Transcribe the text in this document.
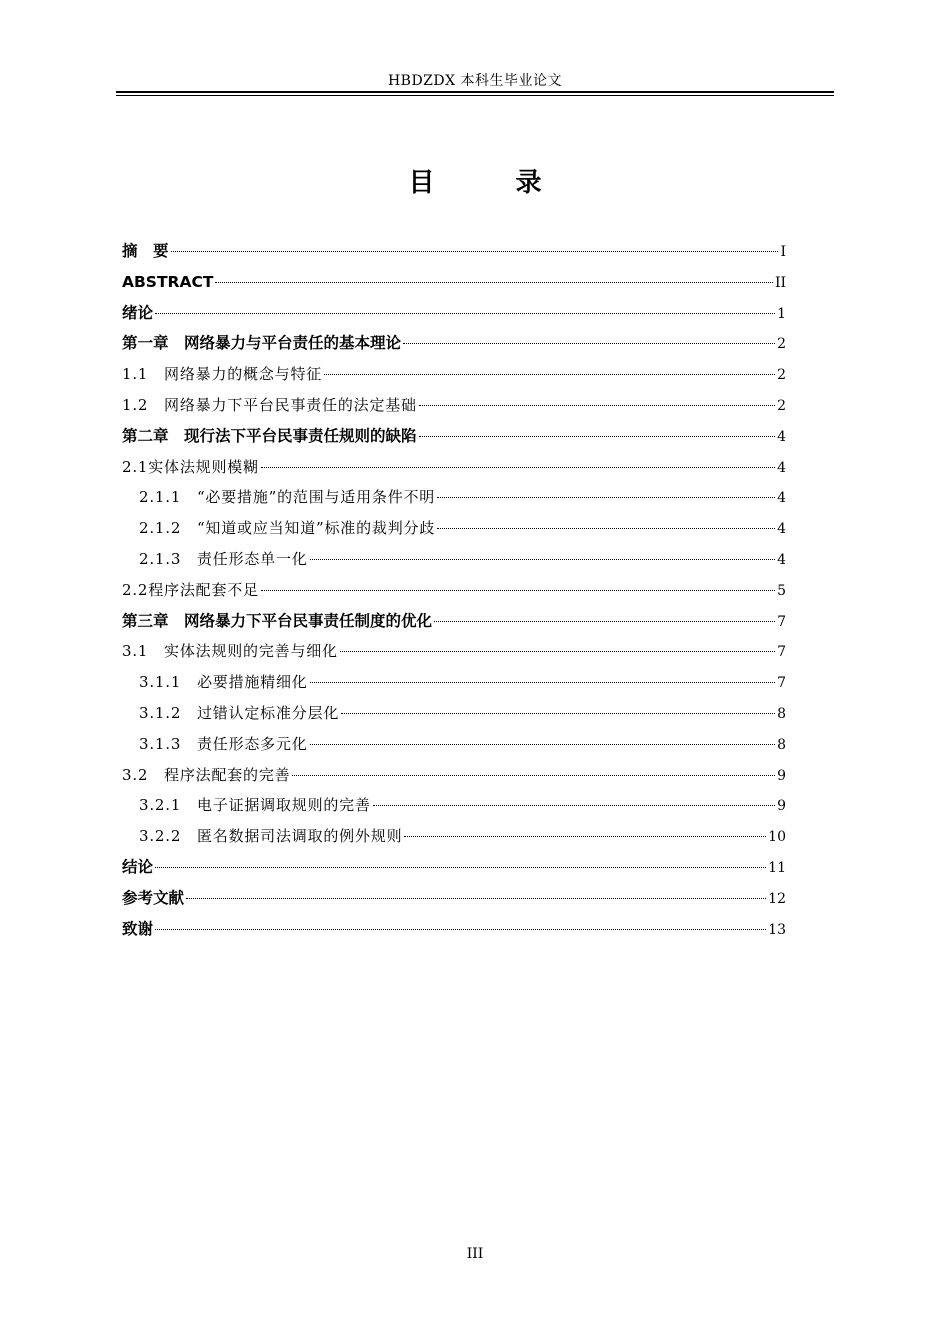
HBDZDX 本科生毕业论文
目 录
摘　要	I
ABSTRACT	II
绪论	1
第一章　网络暴力与平台责任的基本理论	2
1.1　网络暴力的概念与特征	2
1.2　网络暴力下平台民事责任的法定基础	2
第二章　现行法下平台民事责任规则的缺陷	4
2.1实体法规则模糊	4
2.1.1　“必要措施”的范围与适用条件不明	4
2.1.2　“知道或应当知道”标准的裁判分歧	4
2.1.3　责任形态单一化	4
2.2程序法配套不足	5
第三章　网络暴力下平台民事责任制度的优化	7
3.1　实体法规则的完善与细化	7
3.1.1　必要措施精细化	7
3.1.2　过错认定标准分层化	8
3.1.3　责任形态多元化	8
3.2　程序法配套的完善	9
3.2.1　电子证据调取规则的完善	9
3.2.2　匿名数据司法调取的例外规则	10
结论	11
参考文献	12
致谢	13
III
